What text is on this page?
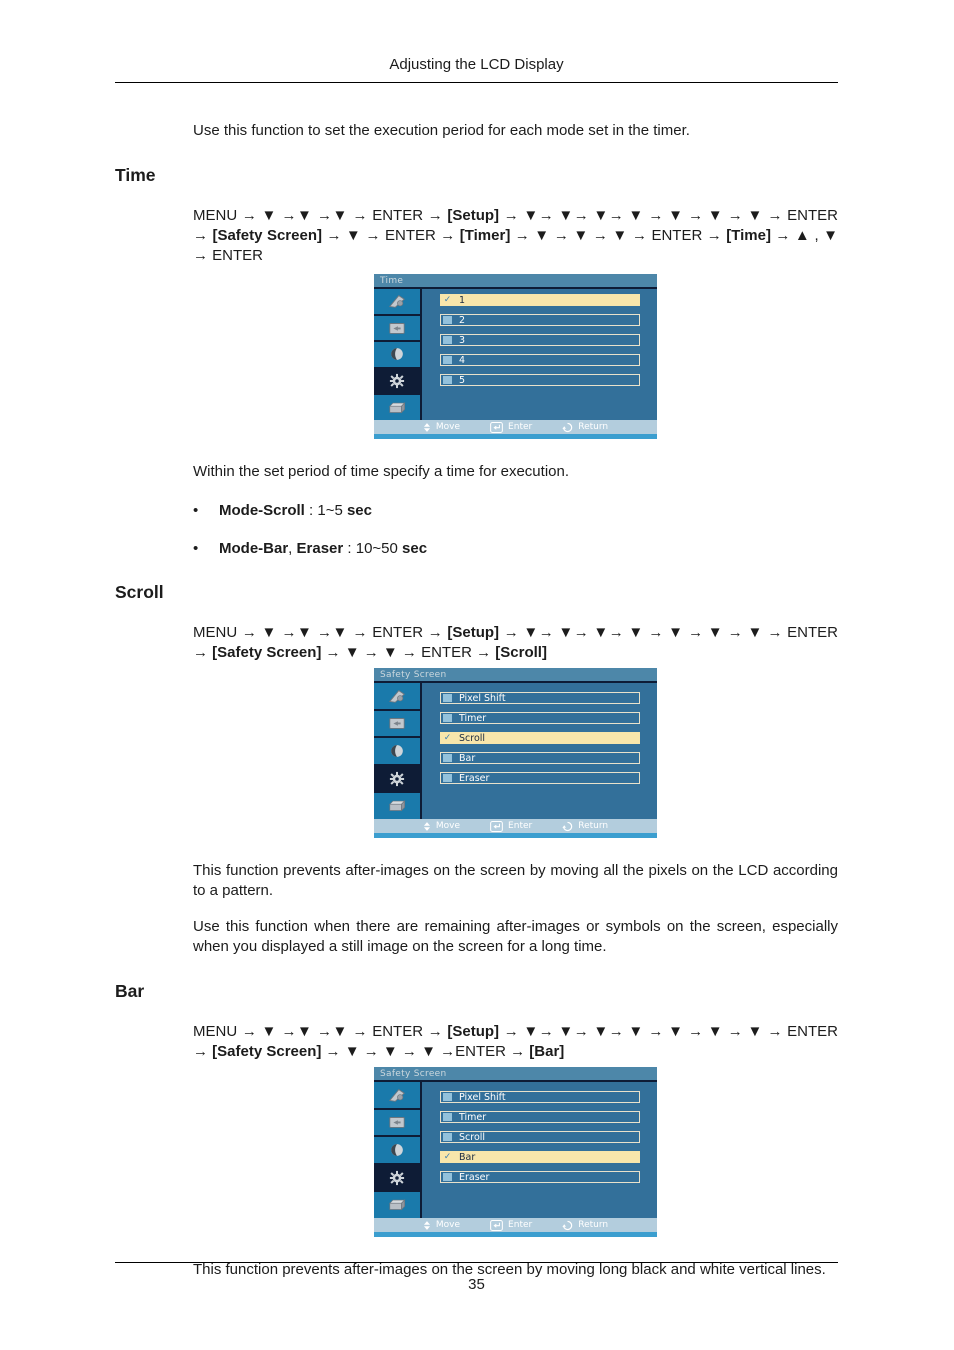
Adjusting the LCD Display

Use this function to set the execution period for each mode set in the timer.

Time

MENU → ▼ →▼ →▼ → ENTER → [Setup] → ▼→ ▼→ ▼→ ▼ → ▼ → ▼ → ▼ → ENTER → [Safety Screen] → ▼ → ENTER → [Timer] → ▼ → ▼ → ▼ → ENTER → [Time] → ▲ , ▼ → ENTER

Time
✓ 1
2
3
4
5
Move	Enter	Return

Within the set period of time specify a time for execution.

•	Mode-Scroll : 1~5 sec
•	Mode-Bar, Eraser : 10~50 sec
Scroll

MENU → ▼ →▼ →▼ → ENTER → [Setup] → ▼→ ▼→ ▼→ ▼ → ▼ → ▼ → ▼ → ENTER → [Safety Screen] → ▼ → ▼ → ENTER → [Scroll]

Safety Screen
Pixel Shift
Timer
✓ Scroll
Bar
Eraser
Move	Enter	Return

This function prevents after-images on the screen by moving all the pixels on the LCD according to a pattern.

Use this function when there are remaining after-images or symbols on the screen, especially when you displayed a still image on the screen for a long time.

Bar

MENU → ▼ →▼ →▼ → ENTER → [Setup] → ▼→ ▼→ ▼→ ▼ → ▼ → ▼ → ▼ → ENTER → [Safety Screen] → ▼ → ▼ → ▼ →ENTER → [Bar]

Safety Screen
Pixel Shift
Timer
Scroll
✓ Bar
Eraser
Move	Enter	Return

This function prevents after-images on the screen by moving long black and white vertical lines.

35
